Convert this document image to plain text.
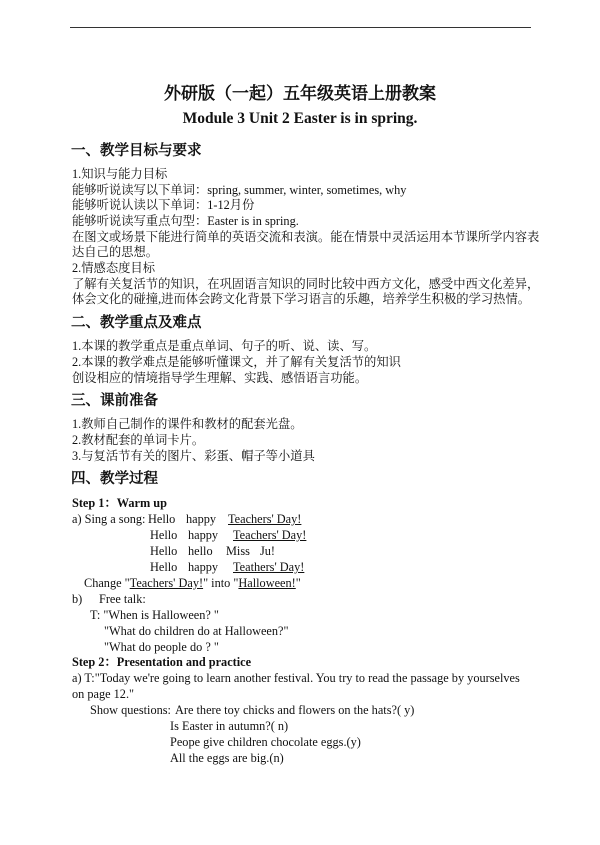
外研版（一起）五年级英语上册教案
Module 3 Unit 2 Easter is in spring.
一、教学目标与要求
1.知识与能力目标
能够听说读写以下单词：spring, summer, winter, sometimes, why
能够听说认读以下单词：1-12月份
能够听说读写重点句型：Easter is in spring.
在图文或场景下能进行简单的英语交流和表演。能在情景中灵活运用本节课所学内容表
达自己的思想。
2.情感态度目标
了解有关复活节的知识，在巩固语言知识的同时比较中西方文化，感受中西文化差异，
体会文化的碰撞,进而体会跨文化背景下学习语言的乐趣，培养学生积极的学习热情。
二、教学重点及难点
1.本课的教学重点是重点单词、句子的听、说、读、写。
2.本课的教学难点是能够听懂课文，并了解有关复活节的知识
创设相应的情境指导学生理解、实践、感悟语言功能。
三、课前准备
1.教师自己制作的课件和教材的配套光盘。
2.教材配套的单词卡片。
3.与复活节有关的图片、彩蛋、帽子等小道具
四、教学过程
Step 1：Warm up
a) Sing a song: Hello happy Teachers' Day!
Hello happy Teachers' Day!
Hello hello Miss Ju!
Hello happy Teathers' Day!
Change "Teachers' Day!" into "Halloween!"
b) Free talk:
T: "When is Halloween? "
"What do children do at Halloween?"
"What do people do ? "
Step 2：Presentation and practice
a) T:"Today we're going to learn another festival. You try to read the passage by yourselves
on page 12."
Show questions: Are there toy chicks and flowers on the hats?( y)
Is Easter in autumn?( n)
Peope give children chocolate eggs.(y)
All the eggs are big.(n)
